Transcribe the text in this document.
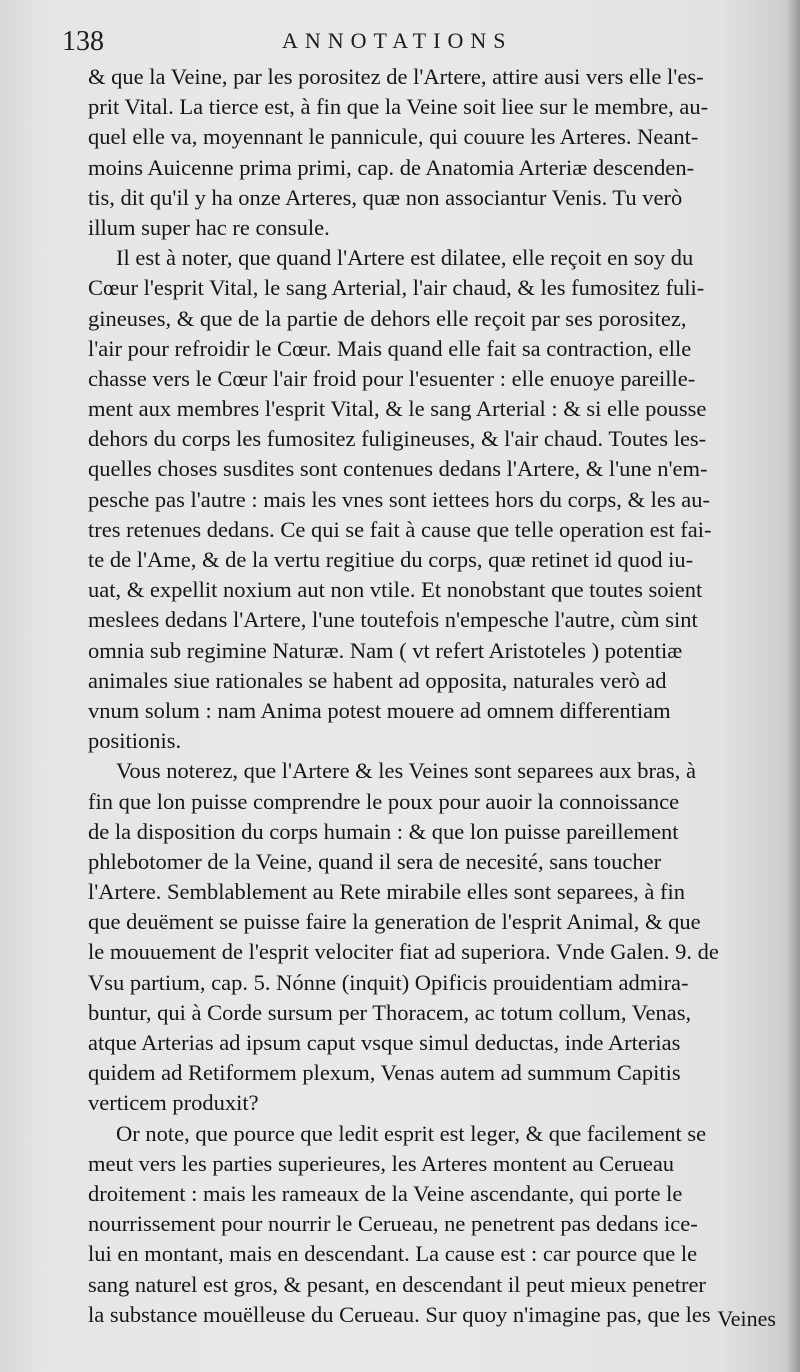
138	ANNOTATIONS
& que la Veine, par les porositez de l'Artere, attire ausi vers elle l'es-
prit Vital. La tierce est, à fin que la Veine soit liee sur le membre, au-
quel elle va, moyennant le pannicule, qui couure les Arteres. Neant-
moins Auicenne prima primi, cap. de Anatomia Arteriæ descenden-
tis, dit qu'il y ha onze Arteres, quæ non associantur Venis. Tu verò
illum super hac re consule.
Il est à noter, que quand l'Artere est dilatee, elle reçoit en soy du
Cœur l'esprit Vital, le sang Arterial, l'air chaud, & les fumositez fuli-
gineuses, & que de la partie de dehors elle reçoit par ses porositez,
l'air pour refroidir le Cœur. Mais quand elle fait sa contraction, elle
chasse vers le Cœur l'air froid pour l'esuenter : elle enuoye pareille-
ment aux membres l'esprit Vital, & le sang Arterial : & si elle pousse
dehors du corps les fumositez fuligineuses, & l'air chaud. Toutes les-
quelles choses susdites sont contenues dedans l'Artere, & l'une n'em-
pesche pas l'autre : mais les vnes sont iettees hors du corps, & les au-
tres retenues dedans. Ce qui se fait à cause que telle operation est fai-
te de l'Ame, & de la vertu regitiue du corps, quæ retinet id quod iu-
uat, & expellit noxium aut non vtile. Et nonobstant que toutes soient
meslees dedans l'Artere, l'une toutefois n'empesche l'autre, cùm sint
omnia sub regimine Naturæ. Nam ( vt refert Aristoteles ) potentiæ
animales siue rationales se habent ad opposita, naturales verò ad
vnum solum : nam Anima potest mouere ad omnem differentiam
positionis.
Vous noterez, que l'Artere & les Veines sont separees aux bras, à
fin que lon puisse comprendre le poux pour auoir la connoissance
de la disposition du corps humain : & que lon puisse pareillement
phlebotomer de la Veine, quand il sera de necesité, sans toucher
l'Artere. Semblablement au Rete mirabile elles sont separees, à fin
que deuëment se puisse faire la generation de l'esprit Animal, & que
le mouuement de l'esprit velociter fiat ad superiora. Vnde Galen. 9. de
Vsu partium, cap. 5. Nónne (inquit) Opificis prouidentiam admira-
buntur, qui à Corde sursum per Thoracem, ac totum collum, Venas,
atque Arterias ad ipsum caput vsque simul deductas, inde Arterias
quidem ad Retiformem plexum, Venas autem ad summum Capitis
verticem produxit?
Or note, que pource que ledit esprit est leger, & que facilement se
meut vers les parties superieures, les Arteres montent au Cerueau
droitement : mais les rameaux de la Veine ascendante, qui porte le
nourrissement pour nourrir le Cerueau, ne penetrent pas dedans ice-
lui en montant, mais en descendant. La cause est : car pource que le
sang naturel est gros, & pesant, en descendant il peut mieux penetrer
la substance mouëlleuse du Cerueau. Sur quoy n'imagine pas, que les Veines
